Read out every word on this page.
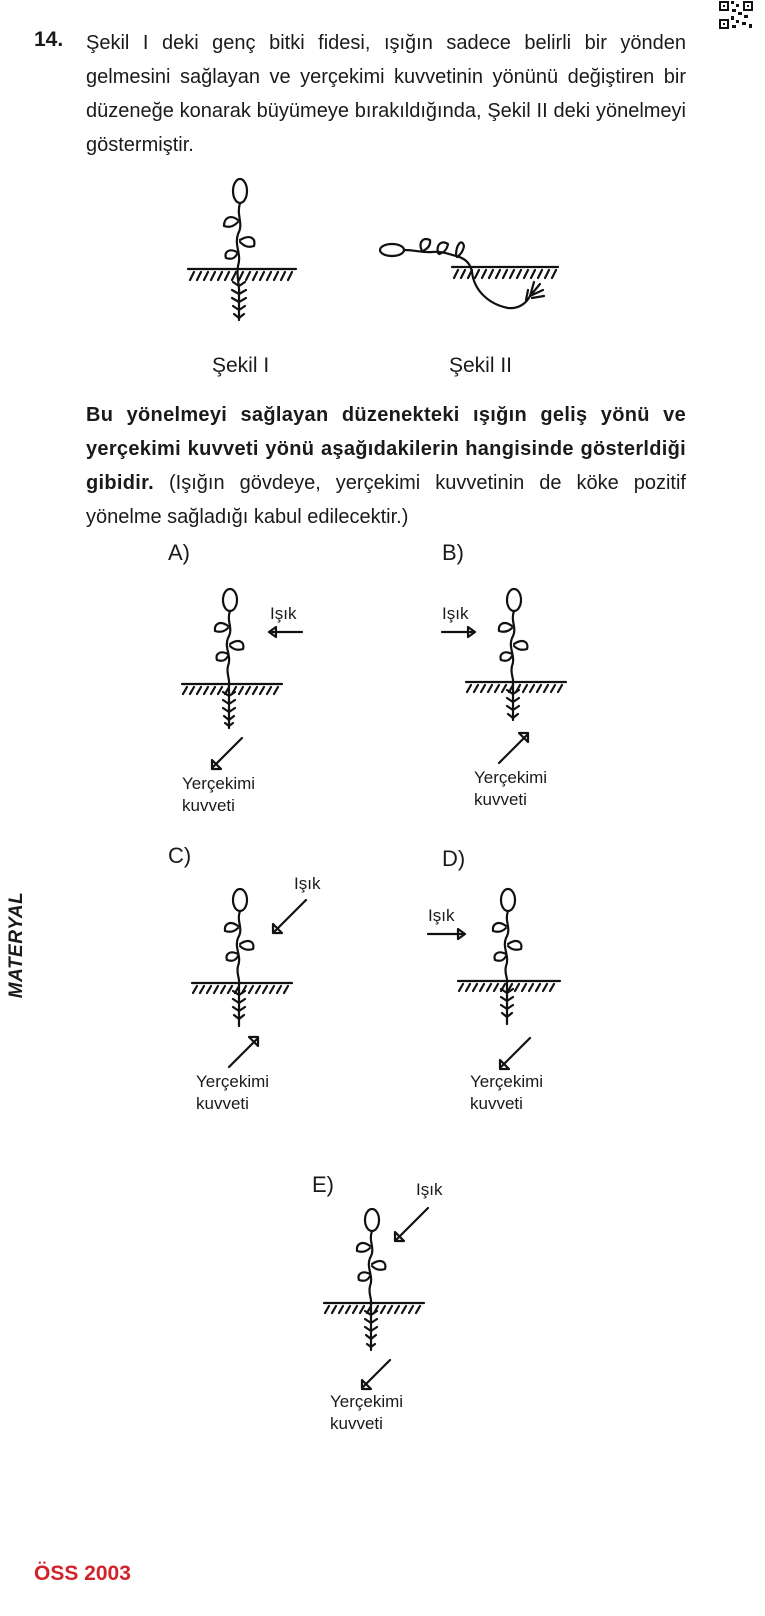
14. Şekil I deki genç bitki fidesi, ışığın sadece belirli bir yönden gelmesini sağlayan ve yerçekimi kuvvetinin yönünü değiştiren bir düzeneğe konarak büyümeye bırakıldığında, Şekil II deki yönelmeyi göstermiştir.
Şekil I	Şekil II
Bu yönelmeyi sağlayan düzenekteki ışığın geliş yönü ve yerçekimi kuvveti yönü aşağıdakilerin hangisinde gösterldiği gibidir. (Işığın gövdeye, yerçekimi kuvvetinin de köke pozitif yönelme sağladığı kabul edilecektir.)
A)
Işık
Yerçekimi
kuvveti
B)
Işık
Yerçekimi
kuvveti
C)
Işık
Yerçekimi
kuvveti
D)
Işık
Yerçekimi
kuvveti
E)	Işık
Yerçekimi
kuvveti
MATERYAL
ÖSS 2003
